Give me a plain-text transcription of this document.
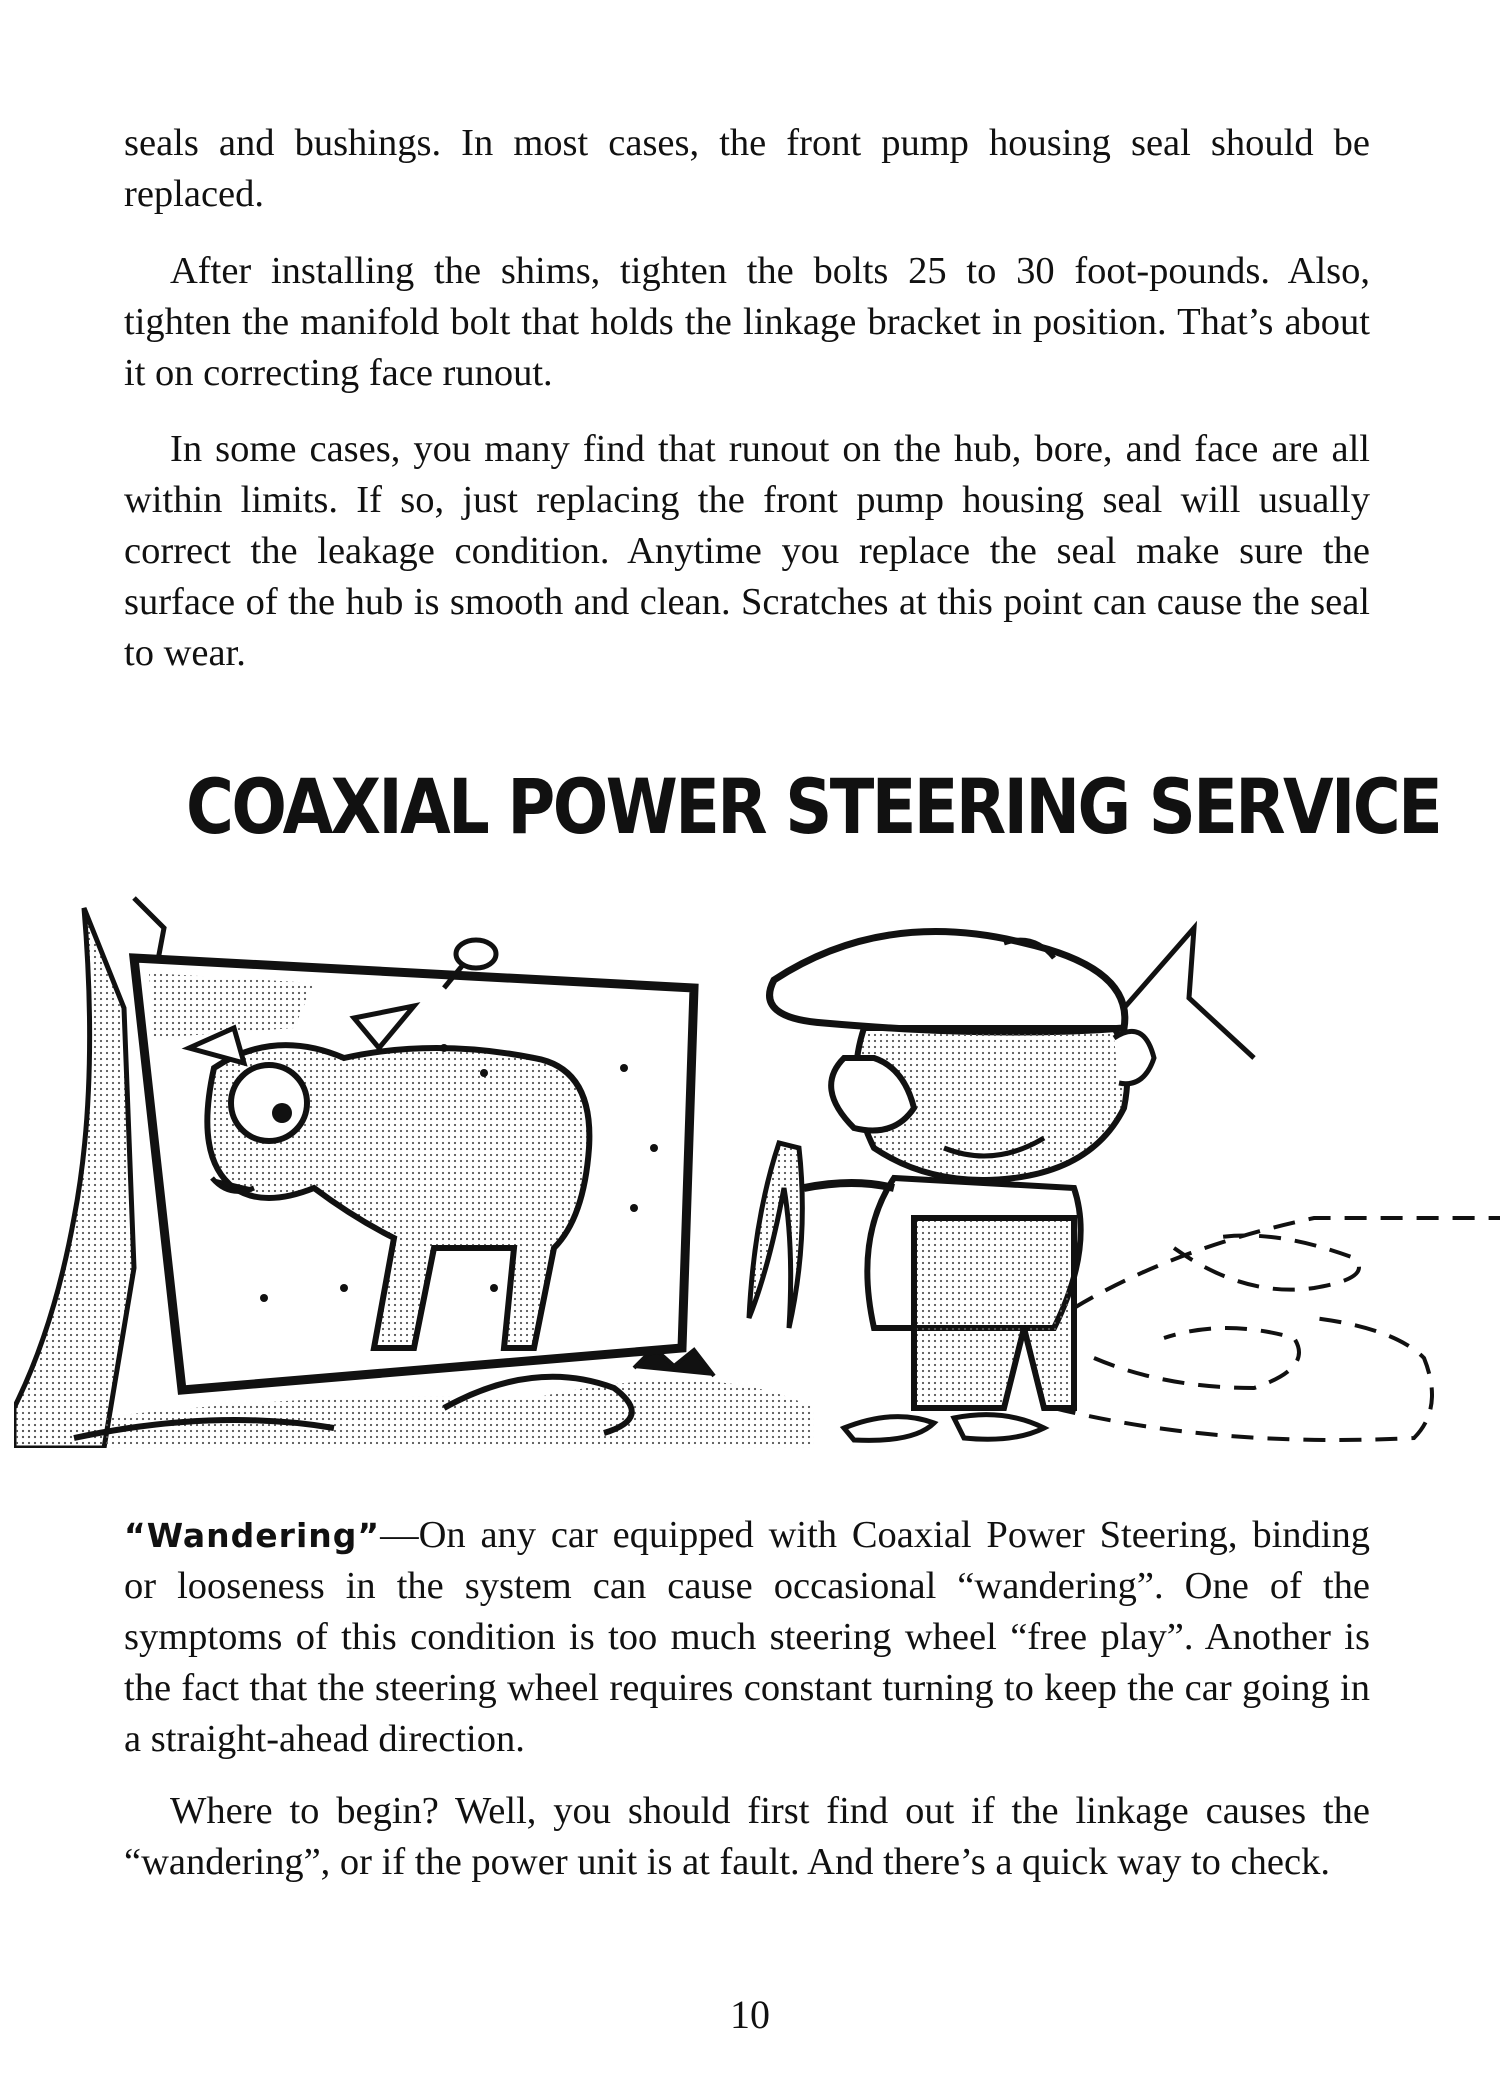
seals and bushings. In most cases, the front pump housing seal should be replaced.

After installing the shims, tighten the bolts 25 to 30 foot-pounds. Also, tighten the manifold bolt that holds the linkage bracket in position. That’s about it on correcting face runout.

In some cases, you many find that runout on the hub, bore, and face are all within limits. If so, just replacing the front pump housing seal will usually correct the leakage condition. Anytime you replace the seal make sure the surface of the hub is smooth and clean. Scratches at this point can cause the seal to wear.

COAXIAL POWER STEERING SERVICE

“Wandering”—On any car equipped with Coaxial Power Steering, binding or looseness in the system can cause occasional “wandering”. One of the symptoms of this condition is too much steering wheel “free play”. Another is the fact that the steering wheel requires constant turning to keep the car going in a straight-ahead direction.

Where to begin? Well, you should first find out if the linkage causes the “wandering”, or if the power unit is at fault. And there’s a quick way to check.

10
